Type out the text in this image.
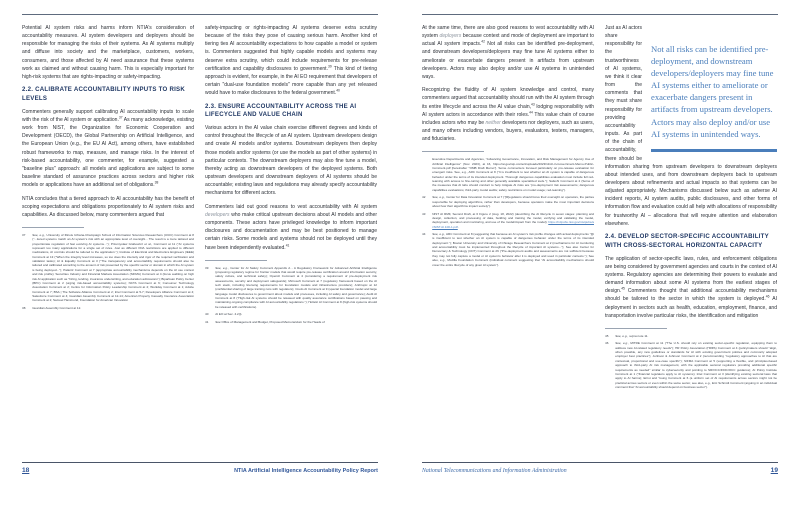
Potential AI system risks and harms inform NTIA's consideration of accountability measures. AI system developers and deployers should be responsible for managing the risks of their systems. As AI systems multiply and diffuse into society and the marketplace, customers, workers, consumers, and those affected by AI need assurance that these systems work as claimed and without causing harm. This is especially important for high-risk systems that are rights-impacting or safety-impacting.

2.2. CALIBRATE ACCOUNTABILITY INPUTS TO RISK LEVELS

Commenters generally support calibrating AI accountability inputs to scale with the risk of the AI system or application.$^{37}$ As many acknowledge, existing work from NIST, the Organization for Economic Cooperation and Development (OECD), the Global Partnership on Artificial Intelligence, and the European Union (e.g., the EU AI Act), among others, have established robust frameworks to map, measure, and manage risks. In the interest of risk-based accountability, one commenter, for example, suggested a "baseline plus" approach: all models and applications are subject to some baseline standard of assurance practices across sectors and higher risk models or applications have an additional set of obligations.$^{38}$

NTIA concludes that a tiered approach to AI accountability has the benefit of scoping expectations and obligations proportionately to AI system risks and capabilities. As discussed below, many commenters argued that

37	See, e.g., University of Illinois Urbana-Champaign School of Information Sciences Researchers (UIUC) Comment at 8 ("...tiered systems match an AI system's risk with an appropriate level of oversight... The result is a more tailored and proportionate regulation of fast evolving AI systems..."); Przemyslaw Grabowicz et al., Comment at 11 ("AI systems represent too many applications for a single set of rules. Just as different FDA restrictions are applied to different medications, AI controls should be tailored to the application."); Institute of Electrical and Electronics Engineers (IEEE) Comment at 13 ("When the integrity level increases, so too does the intensity and rigor of the required verification and validation tasks); AI & Equality Comment at 3 ("The transparency and accountability requirements should also be tailored and calibrated according to the amount of risk presented by the specific sector or domain in which the AI system is being deployed..."); Palantir Comment at 7 (appropriate accountability mechanisms depends on the AI use context and risk profile); Securities Industry and Financial Markets Association (SIFMA) Comment at 4 (focus auditing on high risk AI application such as "hiring, lending, insurance underwriting, and education admissions"); Bipartisan Policy Center (BPC) Comment at 2 (urging risk-based accountability systems); NCTA Comment at 6; Consumer Technology Association Comment at 2; Centre for Information Policy Leadership Comment at 4; Workday Comment at 1; Adobe Comment at 7; BSA | The Software Alliance Comment at 2; Intel Comment at 5-7; Developers Alliance Comment at 4; Salesforce Comment at 4; Guardian Assembly Comment at 12-14; American Property Casualty Insurance Association Comment at 2; Samuel Hammond, Foundation for American Innovation
38	Guardian Assembly Comment at 12.

safety-impacting or rights-impacting AI systems deserve extra scrutiny because of the risks they pose of causing serious harm. Another kind of tiering ties AI accountability expectations to how capable a model or system is. Commenters suggested that highly capable models and systems may deserve extra scrutiny, which could include requirements for pre-release certification and capability disclosures to government.$^{39}$ This kind of tiering approach is evident, for example, in the AI EO requirement that developers of certain "dual-use foundation models" more capable than any yet released would have to make disclosures to the federal government.$^{40}$

2.3. ENSURE ACCOUNTABILITY ACROSS THE AI LIFECYCLE AND VALUE CHAIN

Various actors in the AI value chain exercise different degrees and kinds of control throughout the lifecycle of an AI system. Upstream developers design and create AI models and/or systems. Downstream deployers then deploy those models and/or systems (or use the models as part of other systems) in particular contexts. The downstream deployers may also fine tune a model, thereby acting as downstream developers of the deployed systems. Both upstream developers and downstream deployers of AI systems should be accountable; existing laws and regulations may already specify accountability mechanisms for different actors.

Commenters laid out good reasons to vest accountability with AI system developers who make critical upstream decisions about AI models and other components. These actors have privileged knowledge to inform important disclosures and documentation and may be best positioned to manage certain risks. Some models and systems should not be deployed until they have been independently evaluated.$^{41}$

39	See, e.g., Center for AI Safety Comment Appendix A - A Regulatory Framework for Advanced Artificial Intelligence (proposing regulatory regime for frontier models that would require pre-release certification around information security, safety culture, and technical safety); OpenAI Comment at 4 (considering a requirement of pre-deployment risk assessments, security and deployment safeguards); Microsoft Comment at 7 (regulatory framework based on the AI tech stack, including licensing requirements for foundation models and infrastructure providers); Anthropic at 12 (confidential sharing of large training runs with regulators); Credo AI Comment at 9 (special foundation model and large language model disclosures to government about models and processes, including AI safety and governance); Audit AI Comment at 8 ("High-risk AI systems should be released with quality assurance certifications based on passing and maintaining ongoing compliance with AI accountability regulations."); Holistic AI Comment at 8 (high-risk systems should be released with certifications).
40	AI EO at Sec. 4.2(i).
41	See Office of Management and Budget, Proposed Memorandum for the Heads of
18	NTIA Artificial Intelligence Accountability Policy Report

At the same time, there are also good reasons to vest accountability with AI system deployers because context and mode of deployment are important to actual AI system impacts.$^{42}$ Not all risks can be identified pre-deployment, and downstream developers/deployers may fine tune AI systems either to ameliorate or exacerbate dangers present in artifacts from upstream developers. Actors may also deploy and/or use AI systems in unintended ways.

Recognizing the fluidity of AI system knowledge and control, many commenters argued that accountability should run with the AI system through its entire lifecycle and across the AI value chain,$^{43}$ lodging responsibility with AI system actors in accordance with their roles.$^{44}$ This value chain of course includes actors who may be neither developers nor deployers, such as users, and many others including vendors, buyers, evaluators, testers, managers, and fiduciaries.

Executive Departments and Agencies, "Advancing Governance, Innovation, and Risk Management for Agency Use of Artificial Intelligence" (Nov. 2023), at 16, https://ai.gov/wp-content/uploads/2023/11/AI-in-Government-Memo-Public-Comment.pdf [hereinafter "OMB Draft Memo"]. Some commenters focused particularly on pre-release evaluation for emergent risks. See, e.g., ARC Comment at 8 ("It is insufficient to test whether an AI system is capable of dangerous behavior under the terms of its intended deployment. Thorough dangerous capabilities evaluation must include full red-teaming with access to fine-tuning and other generally available specialized tools."); SaferAI Comment at 2 (Some of the measures that AI labs should conduct to help mitigate AI risks are "pre-deployment risk assessments; dangerous capabilities evaluations; third-party model audits; safety restrictions on model usage; red-teaming").
42	See, e.g., Center for Data Innovation Comment at 7 ("[R]egulators should focus their oversight on operators, the parties responsible for deploying algorithms, rather than developers, because operators make the most important decisions about how their algorithms impact society").
43	NIST AI RMF, Second Draft, at 6 Figure 2 (Aug. 18, 2022) (describing the AI lifecycle in seven stages: planning and design, collection, and processing of data, building and training the model, verifying and validating the model, deployment, operation and monitoring, and use of the model/impact from the model); https://nvlpubs.nist.gov/nistpubs/ai/NIST.AI.100-1.pdf.
44	See, e.g., ARC Comment at 8 (suggesting that because an AI system's risk profile changes with actual deployments "[i]t is insufficient to test whether an AI system is capable of dangerous behavior under the terms of its intended deployment."); Boston University and University of Chicago Researchers Comment at 2 (mechanisms for AI monitoring and accountability must be implemented throughout the lifecycle of important AI systems..."); See also Center for Democracy & Technology (CDT) Comment at 26 ("Pre-deployment audits and assessments are not sufficient because they may not fully capture a model or AI system's behavior after it is deployed and used in particular contexts."); See also, e.g., Mozilla Foundation Comment (individual comment suggesting that "AI accountability mechanisms should cover the entire lifecycle of any given AI system").
Not all risks can be identified pre-deployment, and downstream developers/deployers may fine tune AI systems either to ameliorate or exacerbate dangers present in artifacts from upstream developers. Actors may also deploy and/or use AI systems in unintended ways.

Just as AI actors share responsibility for the trustworthiness of AI systems, we think it clear from the comments that they must share responsibility for providing accountability inputs. As part of the chain of accountability, there should be information sharing from upstream developers to downstream deployers about intended uses, and from downstream deployers back to upstream developers about refinements and actual impacts so that systems can be adjusted appropriately. Mechanisms discussed below such as adverse AI incident reports, AI system audits, public disclosures, and other forms of information flow and evaluation could all help with allocations of responsibility for trustworthy AI – allocations that will require attention and elaboration elsewhere.

2.4. DEVELOP SECTOR-SPECIFIC ACCOUNTABILITY WITH CROSS-SECTORAL HORIZONTAL CAPACITY

The application of sector-specific laws, rules, and enforcement obligations are being considered by government agencies and courts in the context of AI systems. Regulatory agencies are determining their powers to evaluate and demand information about some AI systems from the earliest stages of design.$^{45}$ Commenters thought that additional accountability mechanisms should be tailored to the sector in which the system is deployed.$^{46}$ AI deployment in sectors such as health, education, employment, finance, and transportation involve particular risks, the identification and mitigation

45	See, e.g., supra note 11.
46	See, e.g., MITRE Comment at 11 ("The U.S. should rely on existing sector-specific regulation, equipping them to address new AI-related regulatory needs"); HR Policy Association (HRPA) Comment at 4 (policymakers should "align, when possible, any new guidelines or standards for AI with existing government policies and commonly adopted employer best practices"); Jonhson & Johnson Comment at 2 (recommending "regulatory approaches to AI that are contextual, proportional and use-case specific"); SIFMA Comment at 5 (supporting a flexible, and principles-based approach to third-party AI risk management, with the applicable sectoral regulators providing additional specific requirements as needed" similar to cybersecurity and pointing to SR/OCC/FDIC/OCC guidance); AI Policy Institute Comment at 1 ("financial regulators apply to AI systems); Intel Comment at 3 (identifying existing sectoral laws that apply to AI harms); Ernst and Young Comment at 6 (a uniform set of AI requirements across sectors might not be practical across sectors or even within the same sector, see also, e.g., Eric Schmidt Comment (arguing in an individual comment that "AI accountability should depend on business sector").
National Telecommunications and Information Administration	19
